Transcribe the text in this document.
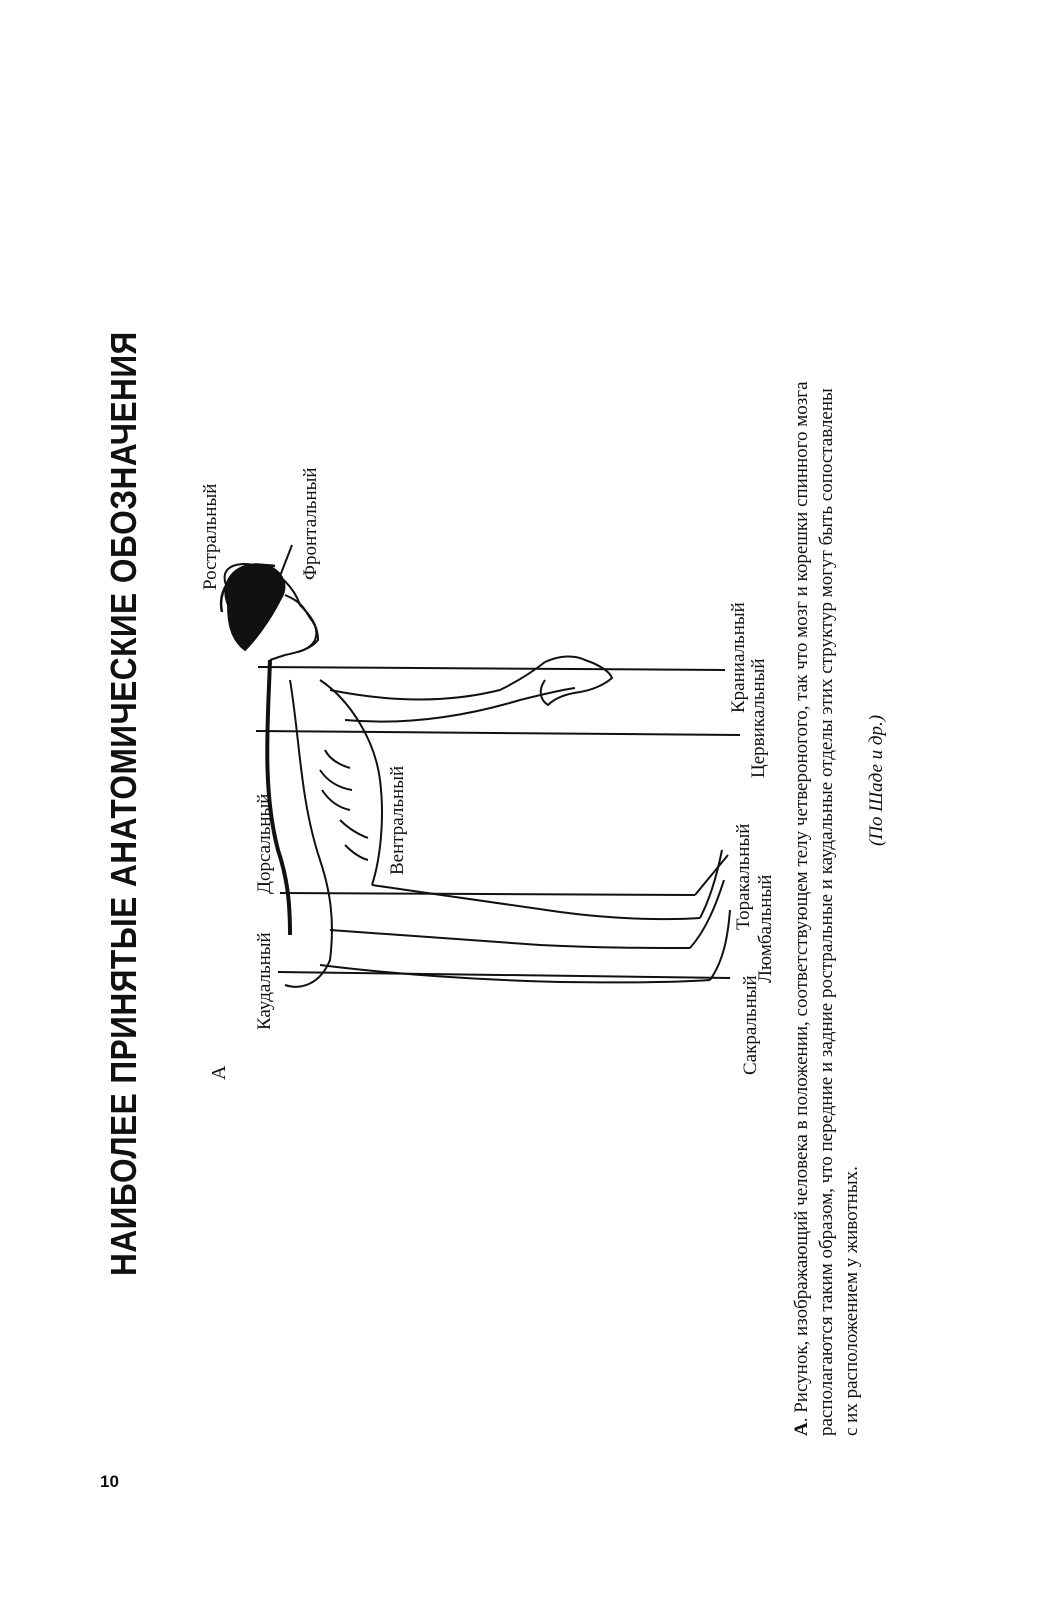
НАИБОЛЕЕ ПРИНЯТЫЕ АНАТОМИЧЕСКИЕ ОБОЗНАЧЕНИЯ
10
А
Ростральный	Фронтальный
Каудальный
Дорсальный	Вентральный
Краниальный
Цервикальный
Торакальный Люмбальный
Сакральный
А. Рисунок, изображающий человека в положении, соответствующем телу четвероногого, так что мозг и корешки спинного мозга располагаются таким образом, что передние и задние ростральные и каудальные отделы этих структур могут быть сопоставлены с их расположением у животных.
(По Шаде и др.)
